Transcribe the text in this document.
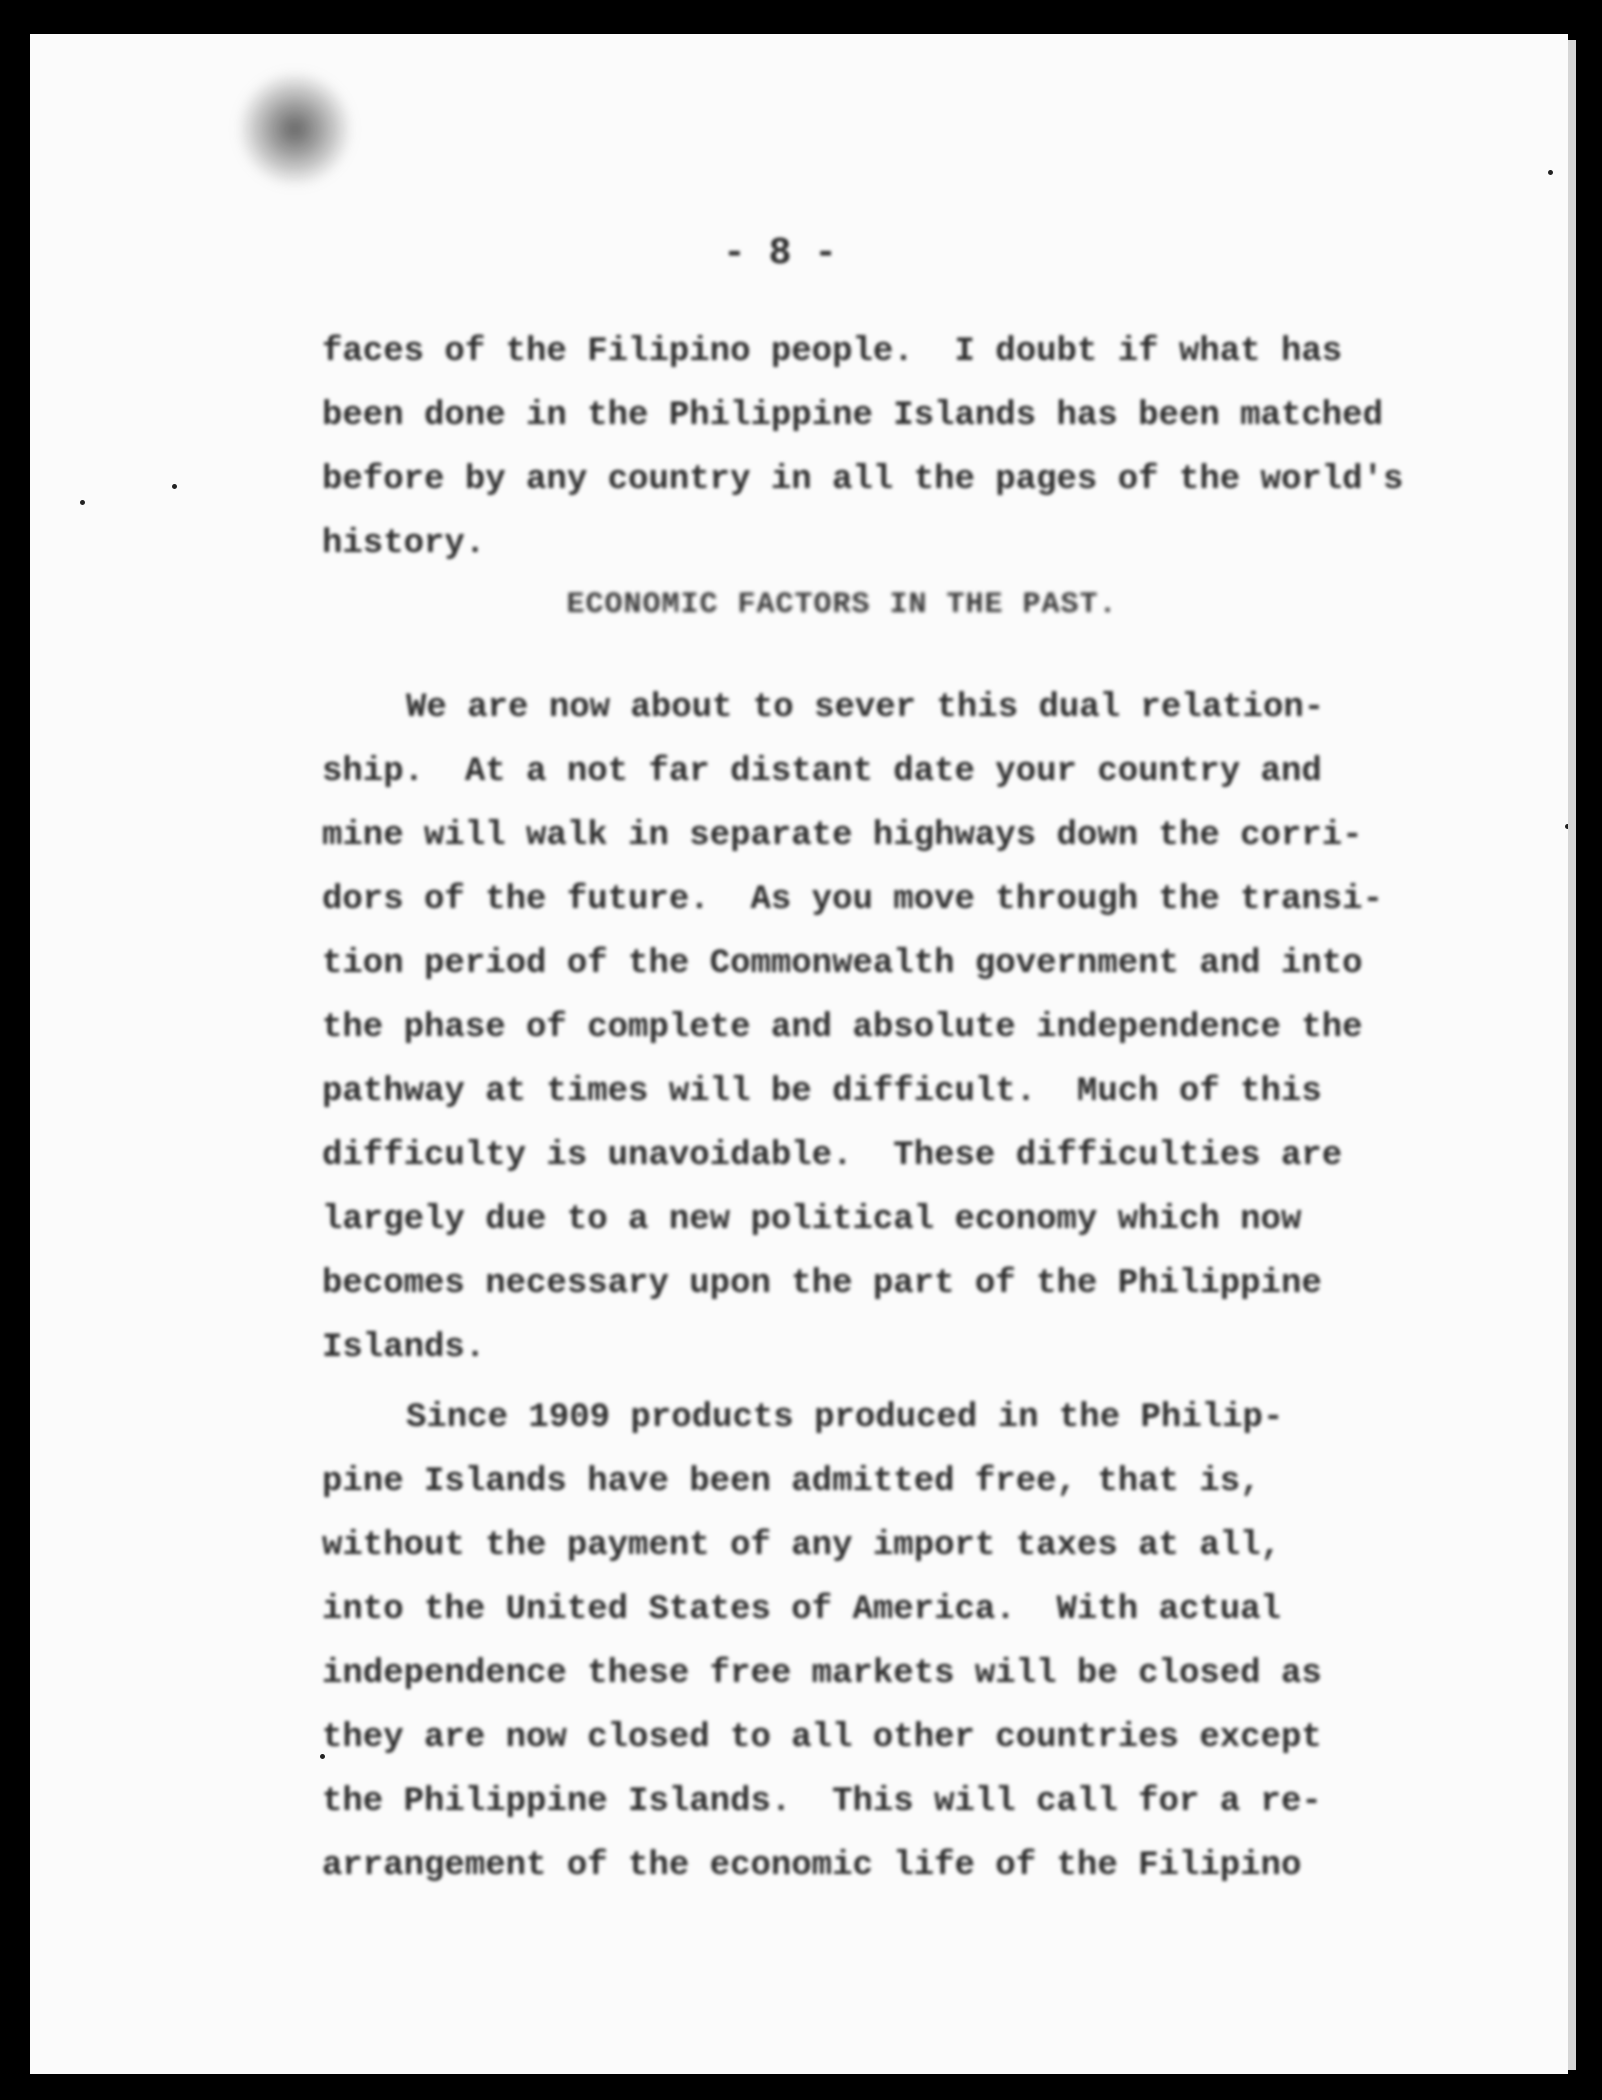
- 8 -
faces of the Filipino people.  I doubt if what has
been done in the Philippine Islands has been matched
before by any country in all the pages of the world's
history.
ECONOMIC FACTORS IN THE PAST.
We are now about to sever this dual relation-
ship.  At a not far distant date your country and
mine will walk in separate highways down the corri-
dors of the future.  As you move through the transi-
tion period of the Commonwealth government and into
the phase of complete and absolute independence the
pathway at times will be difficult.  Much of this
difficulty is unavoidable.  These difficulties are
largely due to a new political economy which now
becomes necessary upon the part of the Philippine
Islands.
Since 1909 products produced in the Philip-
pine Islands have been admitted free, that is,
without the payment of any import taxes at all,
into the United States of America.  With actual
independence these free markets will be closed as
they are now closed to all other countries except
the Philippine Islands.  This will call for a re-
arrangement of the economic life of the Filipino
